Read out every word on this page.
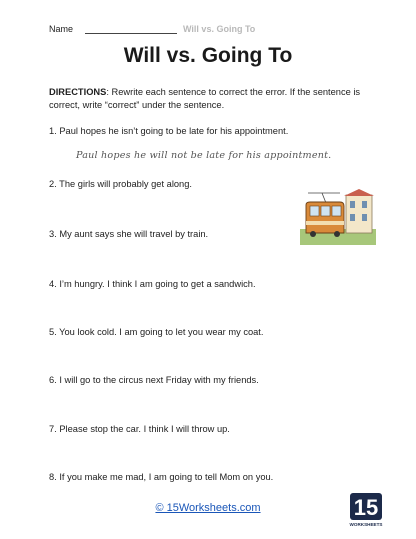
Name	Will vs. Going To
Will vs. Going To
DIRECTIONS: Rewrite each sentence to correct the error. If the sentence is correct, write “correct” under the sentence.
1. Paul hopes he isn’t going to be late for his appointment.
Paul hopes he will not be late for his appointment.
2. The girls will probably get along.
3. My aunt says she will travel by train.
4. I’m hungry. I think I am going to get a sandwich.
5. You look cold. I am going to let you wear my coat.
6. I will go to the circus next Friday with my friends.
7. Please stop the car. I think I will throw up.
8. If you make me mad, I am going to tell Mom on you.
© 15Worksheets.com	15
WORKSHEETS
